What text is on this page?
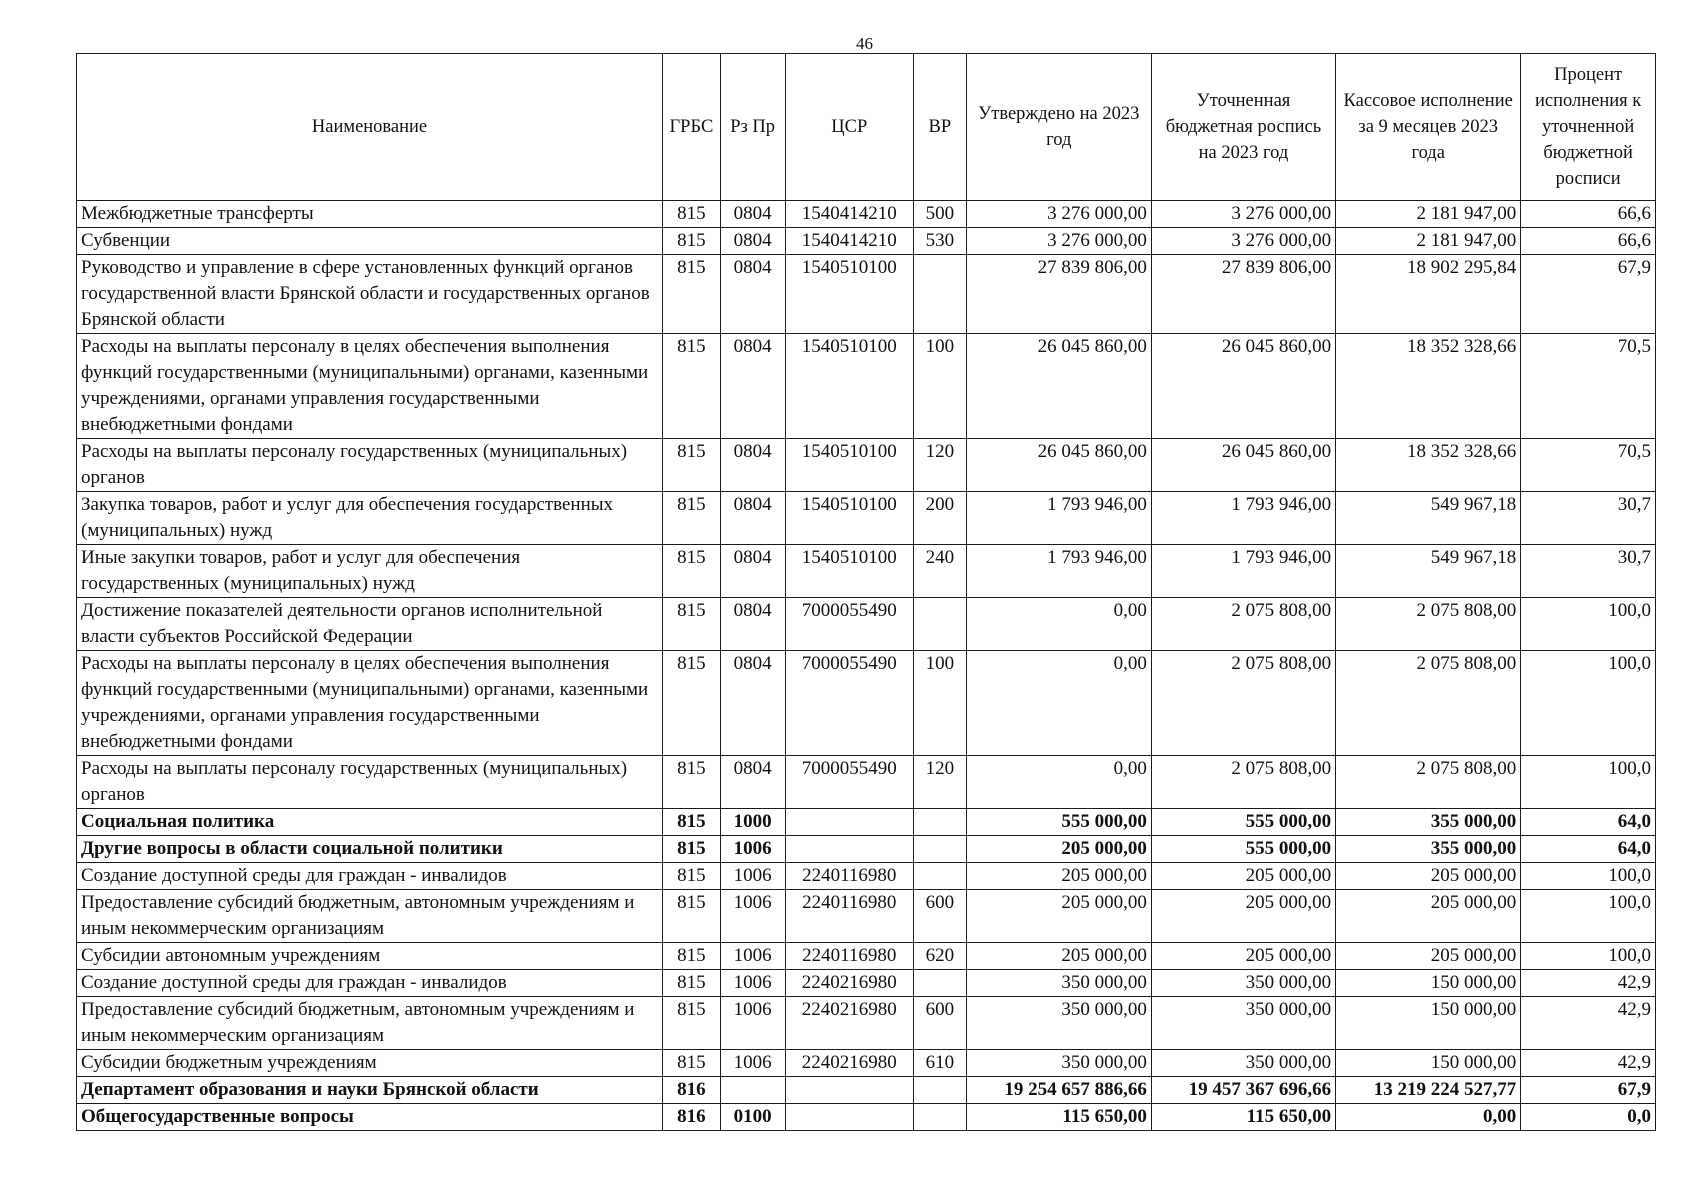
46
Наименование	ГРБС	Рз Пр	ЦСР	ВР	Утверждено на 2023 год	Уточненная бюджетная роспись на 2023 год	Кассовое исполнение за 9 месяцев 2023 года	Процент исполнения к уточненной бюджетной росписи
Межбюджетные трансферты	815	0804	1540414210	500	3 276 000,00	3 276 000,00	2 181 947,00	66,6
Субвенции	815	0804	1540414210	530	3 276 000,00	3 276 000,00	2 181 947,00	66,6
Руководство и управление в сфере установленных функций органов государственной власти Брянской области и государственных органов Брянской области	815	0804	1540510100		27 839 806,00	27 839 806,00	18 902 295,84	67,9
Расходы на выплаты персоналу в целях обеспечения выполнения функций государственными (муниципальными) органами, казенными учреждениями, органами управления государственными внебюджетными фондами	815	0804	1540510100	100	26 045 860,00	26 045 860,00	18 352 328,66	70,5
Расходы на выплаты персоналу государственных (муниципальных) органов	815	0804	1540510100	120	26 045 860,00	26 045 860,00	18 352 328,66	70,5
Закупка товаров, работ и услуг для обеспечения государственных (муниципальных) нужд	815	0804	1540510100	200	1 793 946,00	1 793 946,00	549 967,18	30,7
Иные закупки товаров, работ и услуг для обеспечения государственных (муниципальных) нужд	815	0804	1540510100	240	1 793 946,00	1 793 946,00	549 967,18	30,7
Достижение показателей деятельности органов исполнительной власти субъектов Российской Федерации	815	0804	7000055490		0,00	2 075 808,00	2 075 808,00	100,0
Расходы на выплаты персоналу в целях обеспечения выполнения функций государственными (муниципальными) органами, казенными учреждениями, органами управления государственными внебюджетными фондами	815	0804	7000055490	100	0,00	2 075 808,00	2 075 808,00	100,0
Расходы на выплаты персоналу государственных (муниципальных) органов	815	0804	7000055490	120	0,00	2 075 808,00	2 075 808,00	100,0
Социальная политика	815	1000			555 000,00	555 000,00	355 000,00	64,0
Другие вопросы в области социальной политики	815	1006			205 000,00	555 000,00	355 000,00	64,0
Создание доступной среды для граждан - инвалидов	815	1006	2240116980		205 000,00	205 000,00	205 000,00	100,0
Предоставление субсидий бюджетным, автономным учреждениям и иным некоммерческим организациям	815	1006	2240116980	600	205 000,00	205 000,00	205 000,00	100,0
Субсидии автономным учреждениям	815	1006	2240116980	620	205 000,00	205 000,00	205 000,00	100,0
Создание доступной среды для граждан - инвалидов	815	1006	2240216980		350 000,00	350 000,00	150 000,00	42,9
Предоставление субсидий бюджетным, автономным учреждениям и иным некоммерческим организациям	815	1006	2240216980	600	350 000,00	350 000,00	150 000,00	42,9
Субсидии бюджетным учреждениям	815	1006	2240216980	610	350 000,00	350 000,00	150 000,00	42,9
Департамент образования и науки Брянской области	816				19 254 657 886,66	19 457 367 696,66	13 219 224 527,77	67,9
Общегосударственные вопросы	816	0100			115 650,00	115 650,00	0,00	0,0
